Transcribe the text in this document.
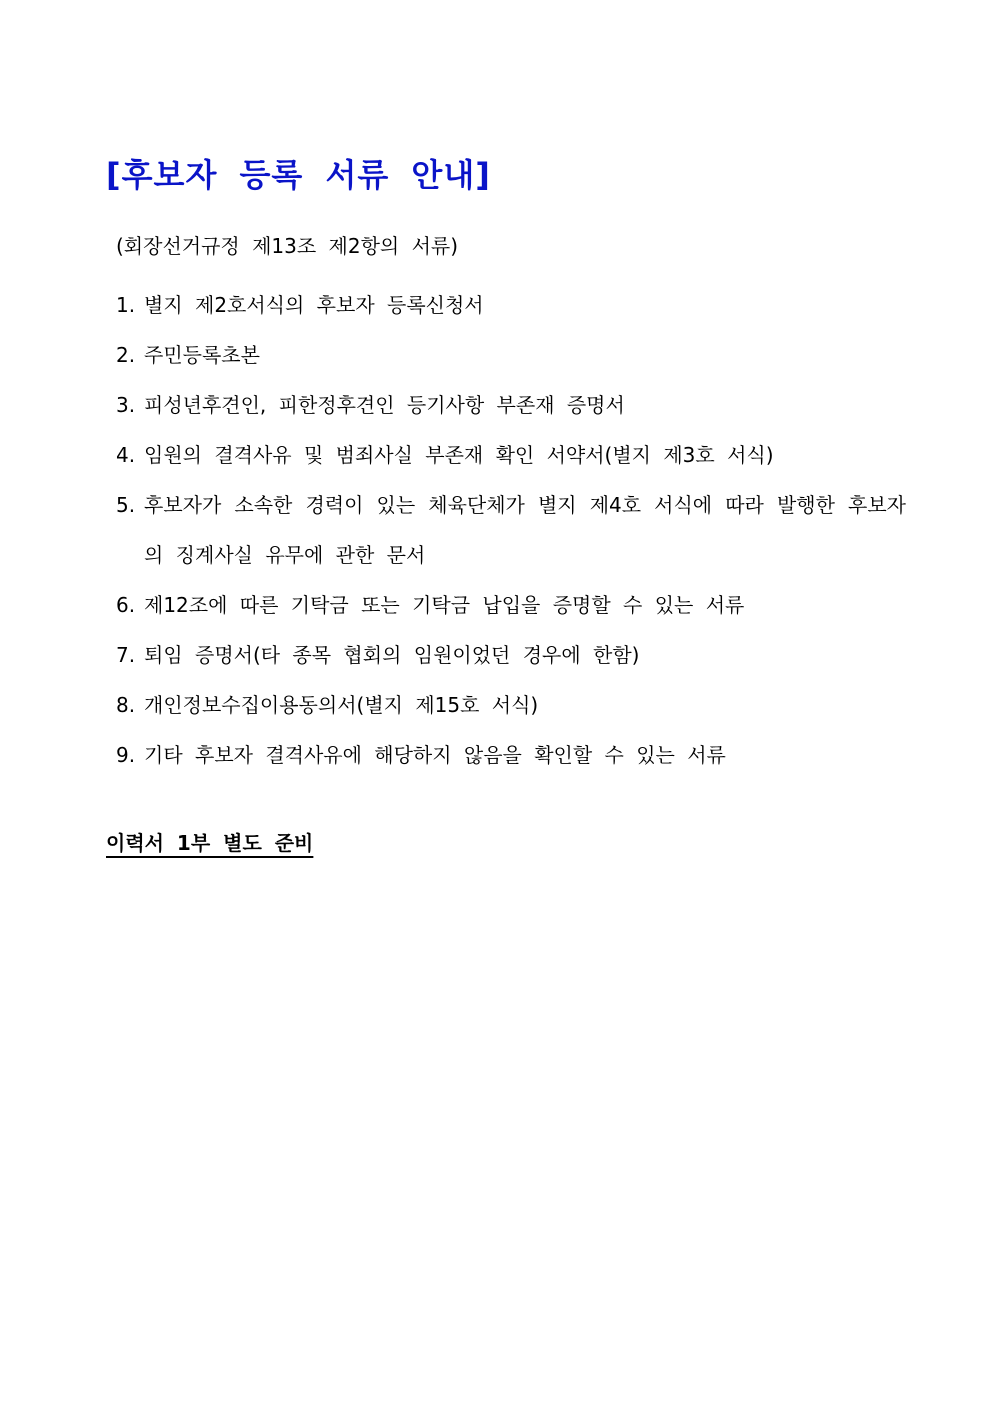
[후보자 등록 서류 안내]
(회장선거규정 제13조 제2항의 서류)
1. 별지 제2호서식의 후보자 등록신청서
2. 주민등록초본
3. 피성년후견인, 피한정후견인 등기사항 부존재 증명서
4. 임원의 결격사유 및 범죄사실 부존재 확인 서약서(별지 제3호 서식)
5. 후보자가 소속한 경력이 있는 체육단체가 별지 제4호 서식에 따라 발행한 후보자의 징계사실 유무에 관한 문서
6. 제12조에 따른 기탁금 또는 기탁금 납입을 증명할 수 있는 서류
7. 퇴임 증명서(타 종목 협회의 임원이었던 경우에 한함)
8. 개인정보수집이용동의서(별지 제15호 서식)
9. 기타 후보자 결격사유에 해당하지 않음을 확인할 수 있는 서류
이력서 1부 별도 준비
